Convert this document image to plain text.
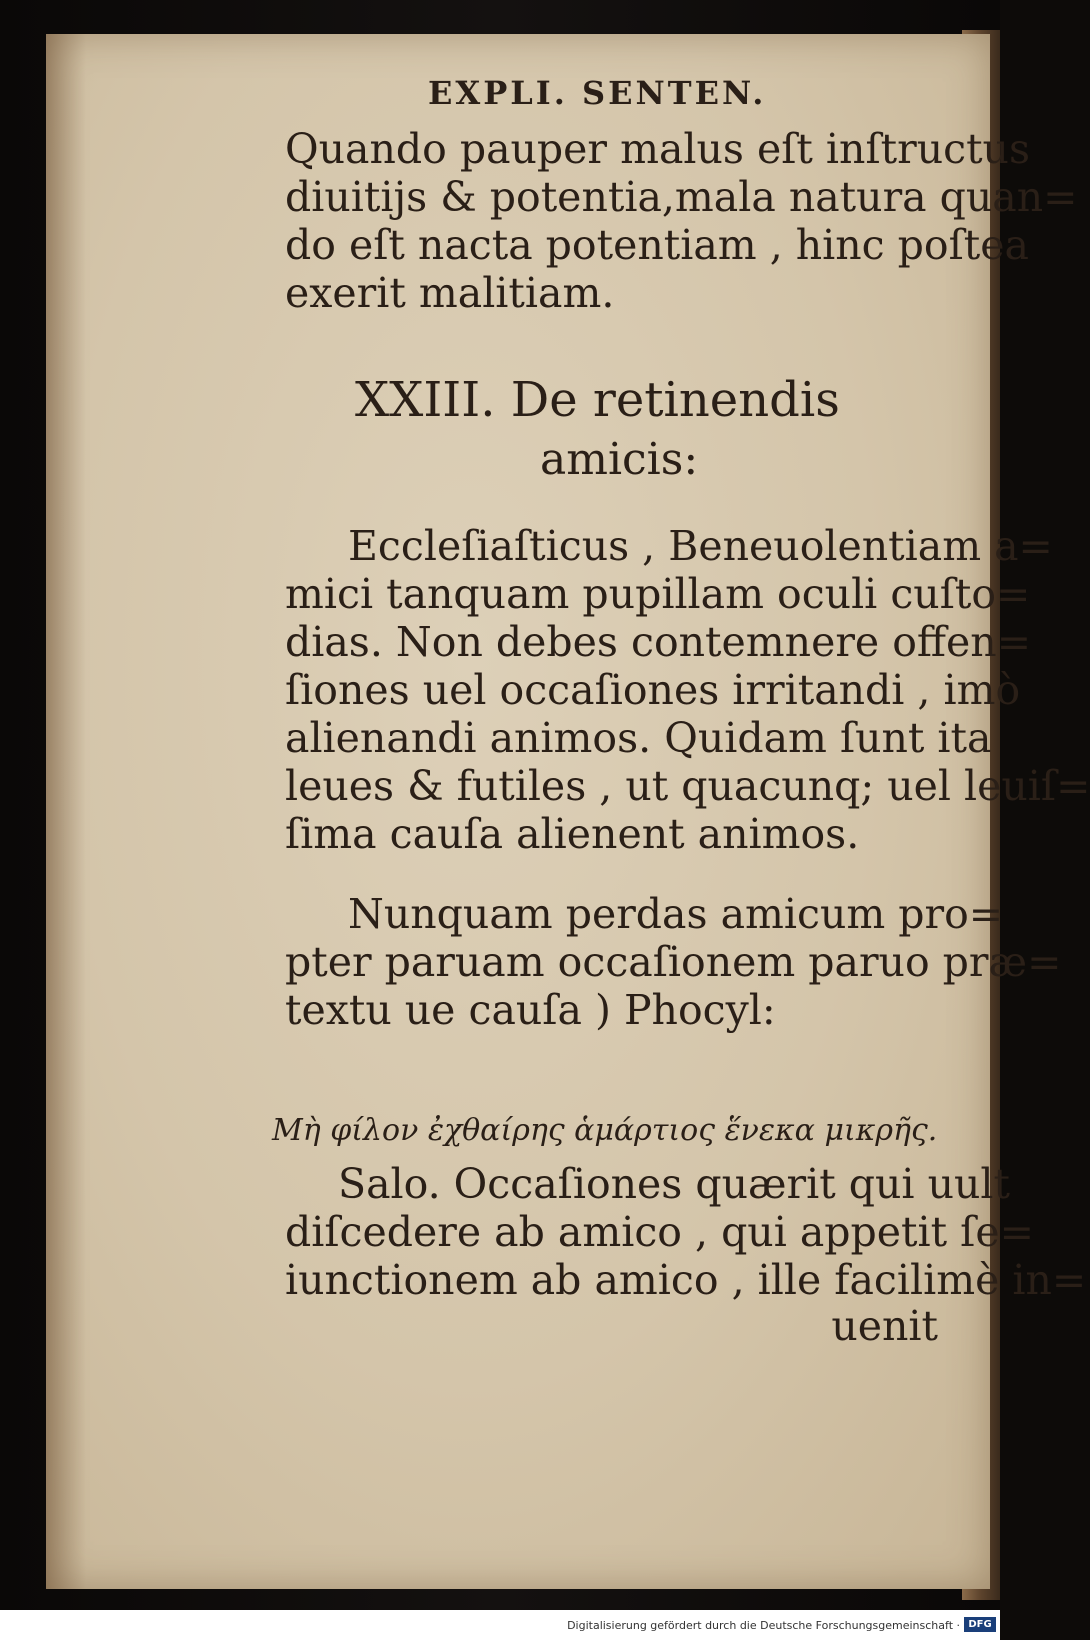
EXPLI. SENTEN.
Quando pauper malus eſt inſtructus
diuitijs & potentia,mala natura quan=
do eſt nacta potentiam , hinc poſtea
exerit malitiam.
XXIII. De retinendis
amicis:
Eccleſiaſticus , Beneuolentiam a=
mici tanquam pupillam oculi cuſto=
dias. Non debes contemnere offen=
ſiones uel occaſiones irritandi , imò
alienandi animos. Quidam ſunt ita
leues & futiles , ut quacunq; uel leuiſ=
ſima cauſa alienent animos.
Nunquam perdas amicum pro=
pter paruam occaſionem paruo præ=
textu ue cauſa ) Phocyl:
Μὴ φίλον ἐχθαίρης ἁμάρτιος ἕνεκα μικρῆς.
Salo. Occaſiones quærit qui uult
diſcedere ab amico , qui appetit ſe=
iunctionem ab amico , ille facilimè in=
uenit
Digitalisierung gefördert durch die Deutsche Forschungsgemeinschaft · DFG
